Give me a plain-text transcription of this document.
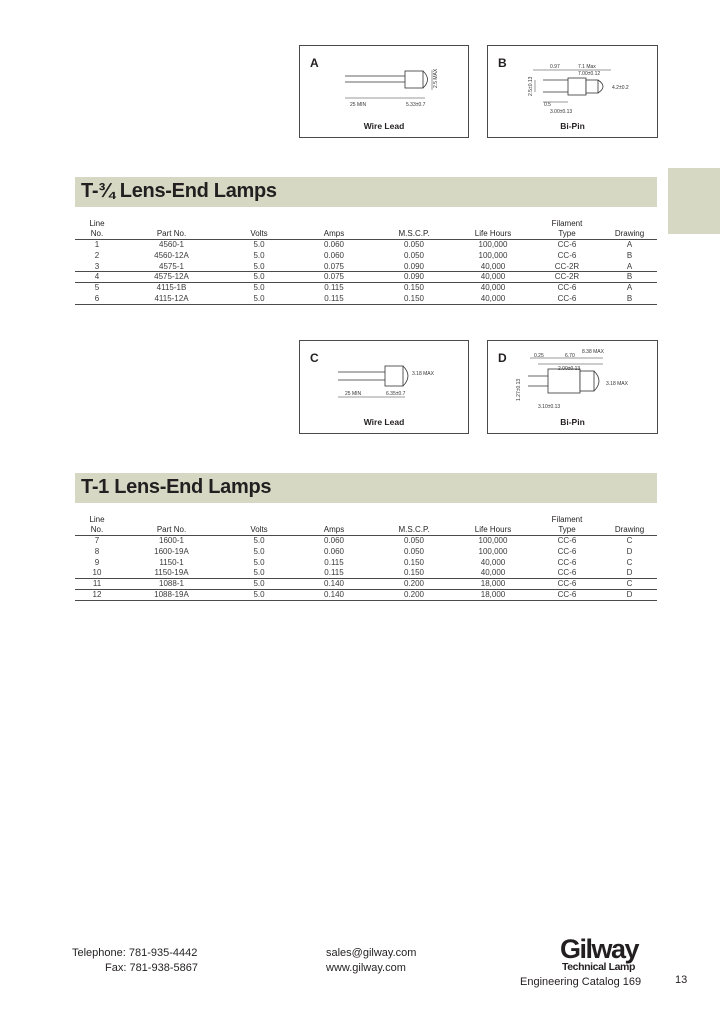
A
25 MIN	5.33±0.7
2.5 MAX
Wire Lead
B	0.97	7.1 Max
7.00±0.12
4.2±0.2
0.5
3.00±0.13
2.5±0.13
Bi-Pin
T-¾ Lens-End Lamps
Line						Filament	
No.	Part No.	Volts	Amps	M.S.C.P.	Life Hours	Type	Drawing
1	4560-1	5.0	0.060	0.050	100,000	CC-6	A
2	4560-12A	5.0	0.060	0.050	100,000	CC-6	B
3	4575-1	5.0	0.075	0.090	40,000	CC-2R	A
4	4575-12A	5.0	0.075	0.090	40,000	CC-2R	B
5	4115-1B	5.0	0.115	0.150	40,000	CC-6	A
6	4115-12A	5.0	0.115	0.150	40,000	CC-6	B
C
25 MIN	6.35±0.7
3.18 MAX
Wire Lead
D	0.25	6.70
8.38 MAX
2.00±0.13
1.27±0.13
3.10±0.13
3.18 MAX
Bi-Pin
T-1 Lens-End Lamps
Line						Filament	
No.	Part No.	Volts	Amps	M.S.C.P.	Life Hours	Type	Drawing
7	1600-1	5.0	0.060	0.050	100,000	CC-6	C
8	1600-19A	5.0	0.060	0.050	100,000	CC-6	D
9	1150-1	5.0	0.115	0.150	40,000	CC-6	C
10	1150-19A	5.0	0.115	0.150	40,000	CC-6	D
11	1088-1	5.0	0.140	0.200	18,000	CC-6	C
12	1088-19A	5.0	0.140	0.200	18,000	CC-6	D
Telephone: 781-935-4442
Fax: 781-938-5867
sales@gilway.com
www.gilway.com
Gilway
Technical Lamp
Engineering Catalog 169	13
